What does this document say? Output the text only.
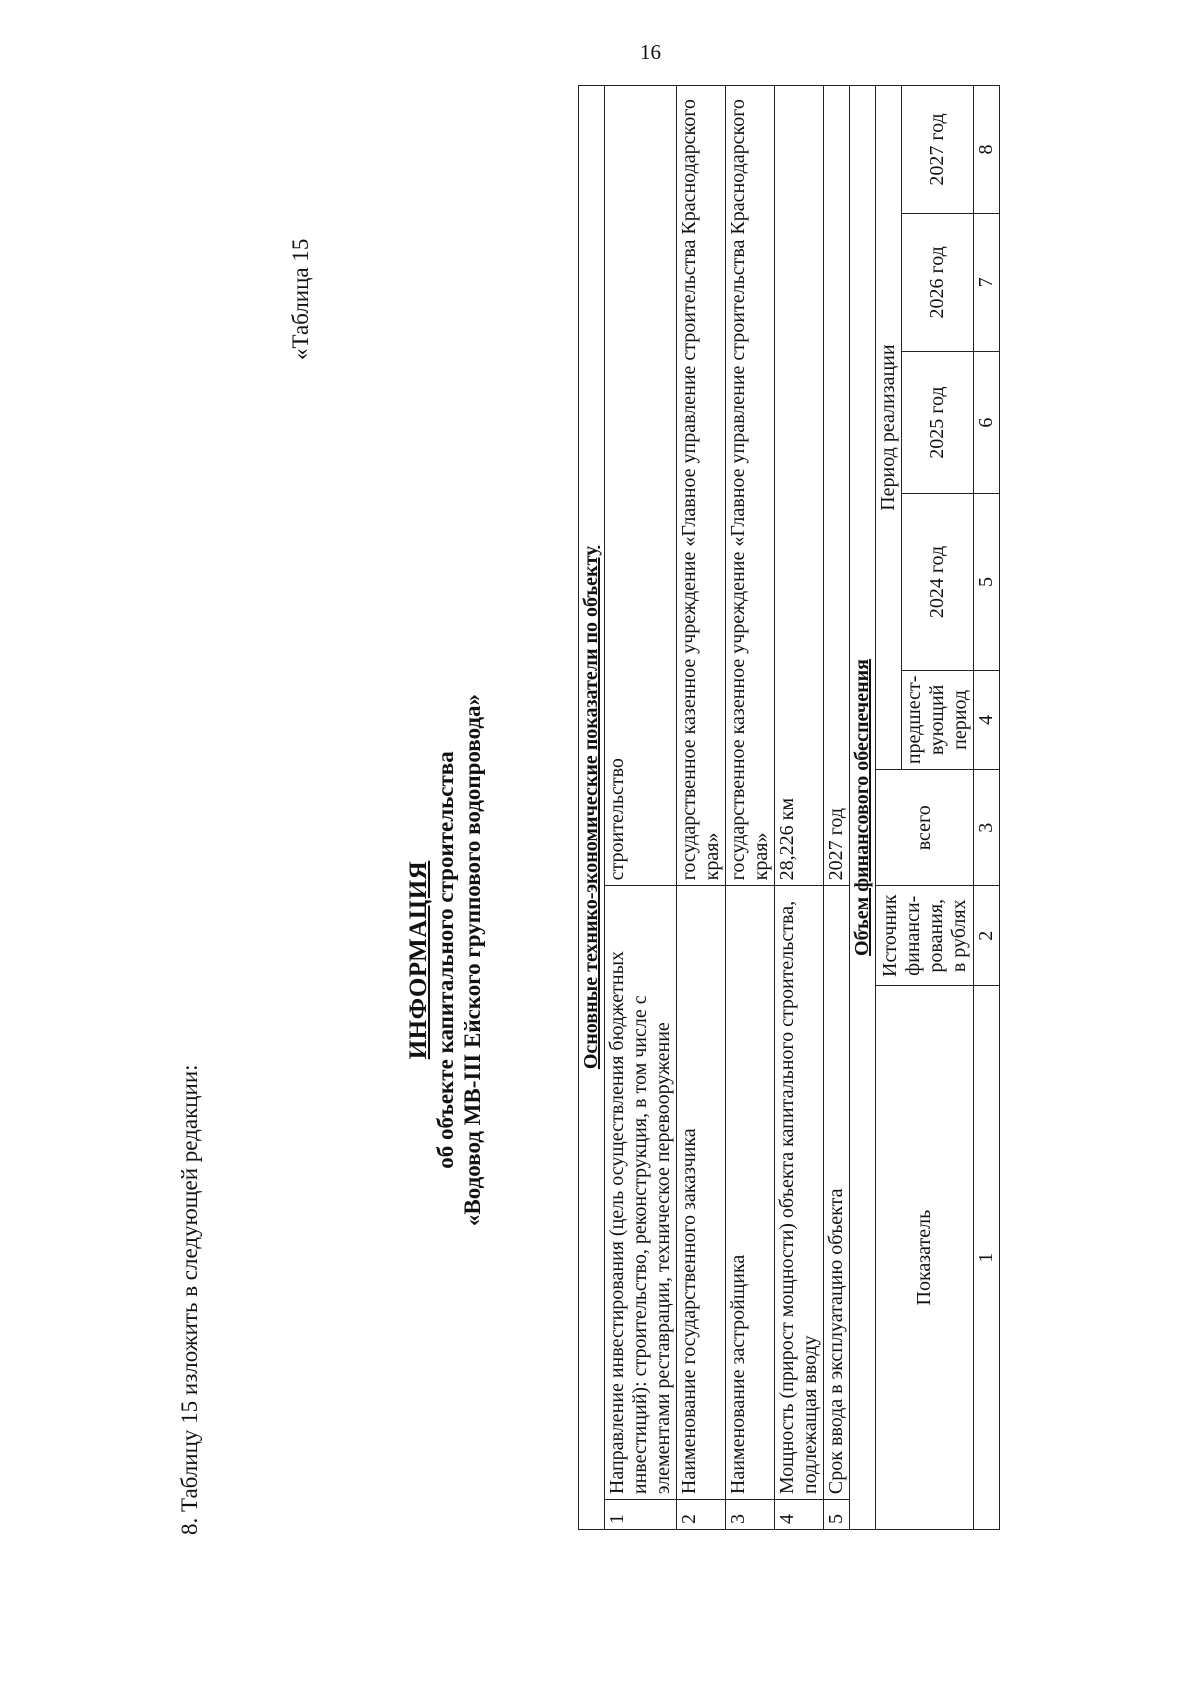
16
8. Таблицу 15 изложить в следующей редакции:
«Таблица 15
ИНФОРМАЦИЯ об объекте капитального строительства «Водовод МВ-III Ейского группового водопровода»	Основные технико-экономические показатели по объекту								
1	Направление инвестирования (цель осуществления бюджетных инвестиций): строительство, реконструкция, в том числе с элементами реставрации, техническое перевооружение		строительство					
2	Наименование государственного заказчика		государственное казенное учреждение «Главное управление строительства Краснодарского края»					
3	Наименование застройщика		государственное казенное учреждение «Главное управление строительства Краснодарского края»					
4	Мощность (прирост мощности) объекта капитального строительства, подлежащая вводу		28,226 км					
5	Срок ввода в эксплуатацию объекта		2027 год					
Объем финансового обеспечения								
Показатель		Источник финанси- рования, в рублях	всего	Период реализации				

				предшест- вующий период	2024 год	2025 год	2026 год	2027 год
1		2	3	4	5	6	7	8
